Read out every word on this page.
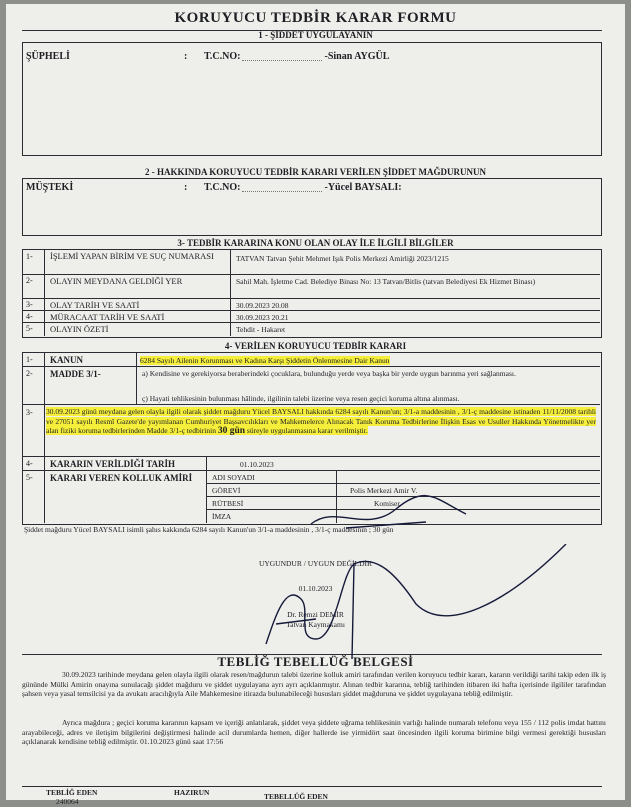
KORUYUCU TEDBİR KARAR FORMU
1 - ŞİDDET UYGULAYANIN
ŞÜPHELİ	: T.C.NO:	-Sinan AYGÜL
2 - HAKKINDA KORUYUCU TEDBİR KARARI VERİLEN ŞİDDET MAĞDURUNUN
MÜŞTEKİ	: T.C.NO:	-Yücel BAYSALI:
3- TEDBİR KARARINA KONU OLAN OLAY İLE İLGİLİ BİLGİLER
1- İŞLEMİ YAPAN BİRİM VE SUÇ NUMARASI	TATVAN Tatvan Şehit Mehmet Işık Polis Merkezi Amirliği 2023/1215
2- OLAYIN MEYDANA GELDİĞİ YER	Sahil Mah. İşletme Cad. Belediye Binası No: 13 Tatvan/Bitlis (tatvan Belediyesi Ek Hizmet Binası)
3- OLAY TARİH VE SAATİ	30.09.2023 20.08
4- MÜRACAAT TARİH VE SAATİ	30.09.2023 20.21
5- OLAYIN ÖZETİ	Tehdit - Hakaret
4- VERİLEN KORUYUCU TEDBİR KARARI
1- KANUN	6284 Sayılı Ailenin Korunması ve Kadına Karşı Şiddetin Önlenmesine Dair Kanun
2- MADDE 3/1-	a) Kendisine ve gerekiyorsa beraberindeki çocuklara, bulunduğu yerde veya başka bir yerde uygun barınma yeri sağlanması.
ç) Hayati tehlikesinin bulunması hâlinde, ilgilinin talebi üzerine veya resen geçici koruma altına alınması.
3- 30.09.2023 günü meydana gelen olayla ilgili olarak şiddet mağduru Yücel BAYSALI hakkında 6284 sayılı Kanun'un; 3/1-a maddesinin , 3/1-ç maddesine istinaden 11/11/2008 tarihli ve 27051 sayılı Resmî Gazete'de yayımlanan Cumhuriyet Başsavcılıkları ve Mahkemelerce Alınacak Tanık Koruma Tedbirlerine İlişkin Esas ve Usuller Hakkında Yönetmelikte yer alan fiziki koruma tedbirlerinden Madde 3/1-ç tedbirinin 30 gün süreyle uygulanmasına karar verilmiştir.
4- KARARIN VERİLDİĞİ TARİH	01.10.2023
5- KARARI VEREN KOLLUK AMİRİ	ADI SOYADI
GÖREVİ	Polis Merkezi Amir V.
RÜTBESİ	Komiser
İMZA
Şiddet mağduru Yücel BAYSALI isimli şahıs kakkında 6284 sayılı Kanun'un 3/1-a maddesinin , 3/1-ç maddesinin ; 30 gün
UYGUNDUR / UYGUN DEĞİLDİR
01.10.2023
Dr. Remzi DEMİR
Tatvan Kaymakamı
TEBLİĞ TEBELLÜĞ BELGESİ
30.09.2023 tarihinde meydana gelen olayla ilgili olarak resen/mağdurun talebi üzerine kolluk amiri tarafından verilen koruyucu tedbir kararı, kararın verildiği tarihi takip eden ilk iş gününde Mülki Amirin onayına sunulacağı şiddet mağduru ve şiddet uygulayana ayrı ayrı açıklanmıştır. Alınan tedbir kararına, tebliğ tarihinden itibaren iki hafta içerisinde ilgililer tarafından şahsen veya yasal temsilcisi ya da avukatı aracılığıyla Aile Mahkemesine itirazda bulunabileceği hususları şiddet mağduruna ve şiddet uygulayana tebliğ edilmiştir.
Ayrıca mağdura ; geçici koruma kararının kapsam ve içeriği anlatılarak, şiddet veya şiddete uğrama tehlikesinin varlığı halinde numaralı telefonu veya 155 / 112 polis imdat hattını arayabileceği, adres ve iletişim bilgilerini değiştirmesi halinde acil durumlarda hemen, diğer hallerde ise yirmidört saat öncesinden ilgili koruma birimine bilgi vermesi gerektiği hususları açıklanarak kendisine tebliğ edilmiştir. 01.10.2023 günü saat 17:56
TEBLİĞ EDEN	HAZIRUN	TEBELLÜĞ EDEN
240064
